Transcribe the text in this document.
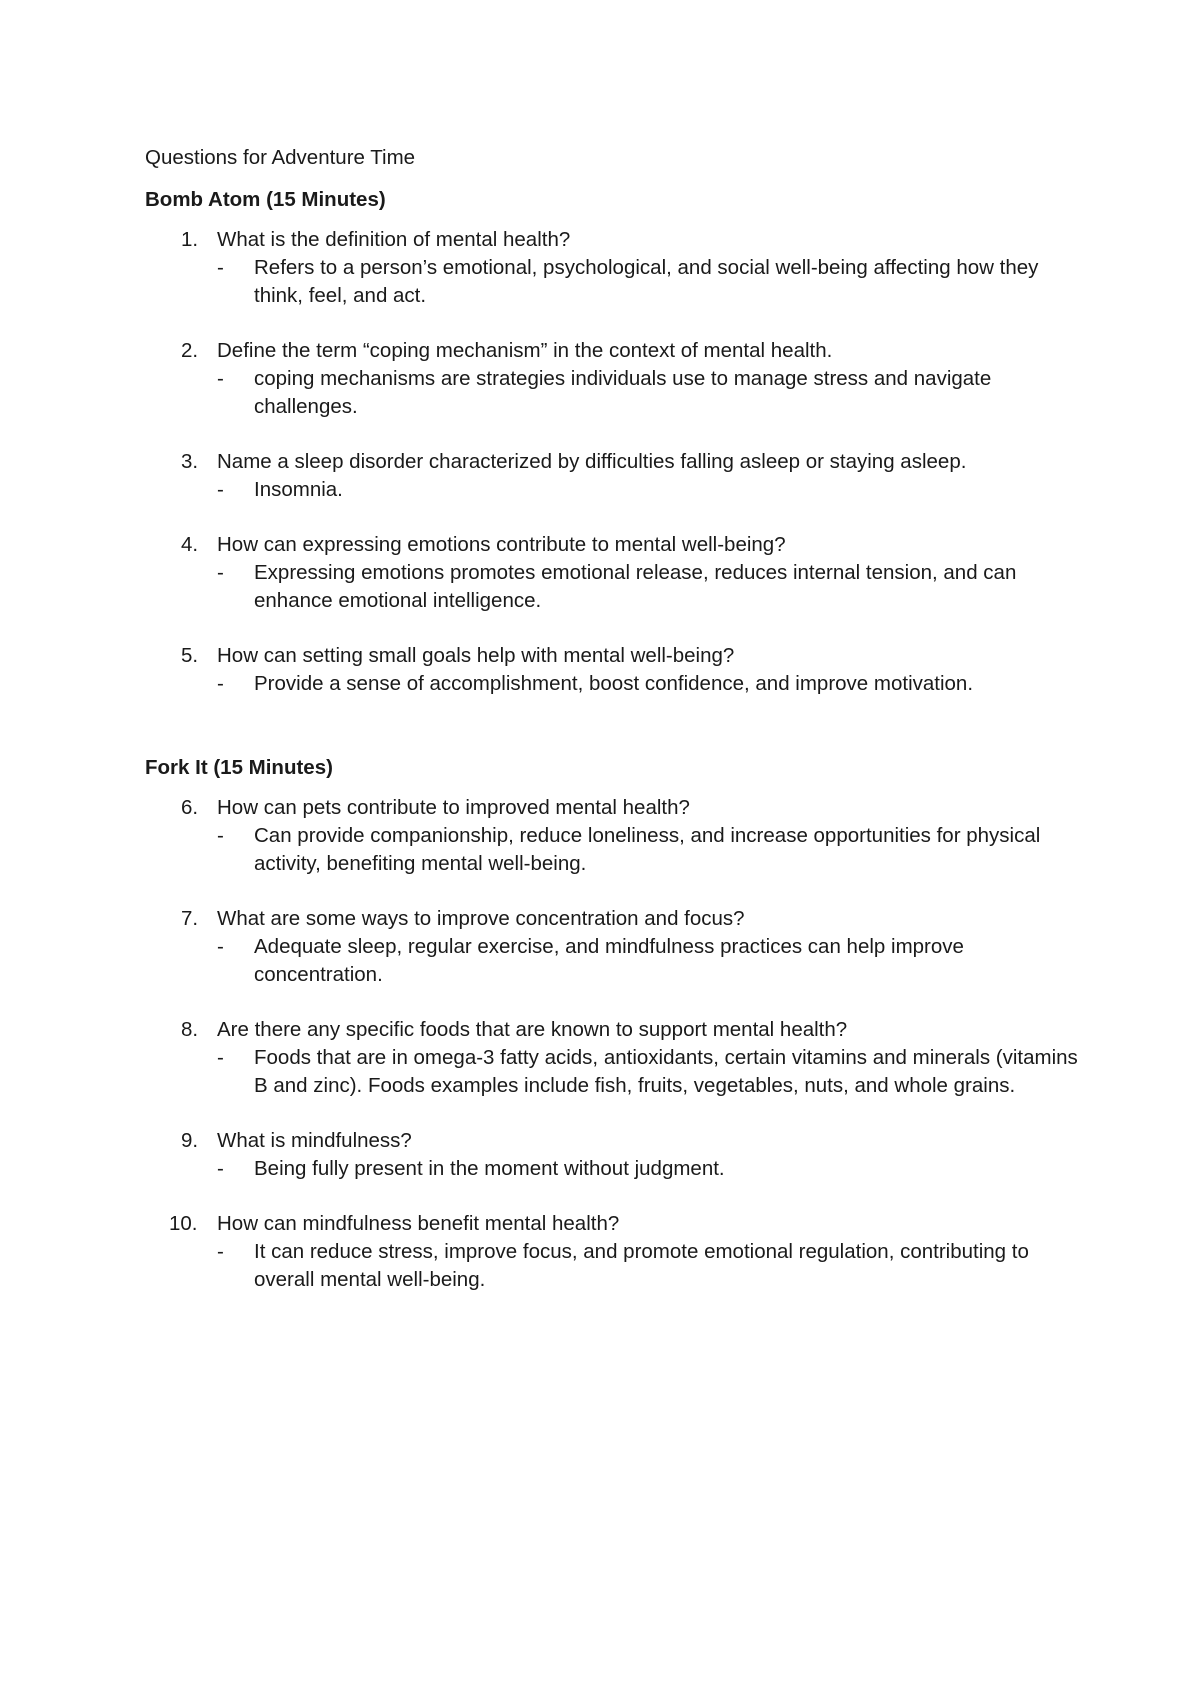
Questions for Adventure Time

Bomb Atom (15 Minutes)

1. What is the definition of mental health?
- Refers to a person’s emotional, psychological, and social well-being affecting how they think, feel, and act.
2. Define the term “coping mechanism” in the context of mental health.
- coping mechanisms are strategies individuals use to manage stress and navigate challenges.
3. Name a sleep disorder characterized by difficulties falling asleep or staying asleep.
- Insomnia.
4. How can expressing emotions contribute to mental well-being?
- Expressing emotions promotes emotional release, reduces internal tension, and can enhance emotional intelligence.
5. How can setting small goals help with mental well-being?
- Provide a sense of accomplishment, boost confidence, and improve motivation.

Fork It (15 Minutes)

6. How can pets contribute to improved mental health?
- Can provide companionship, reduce loneliness, and increase opportunities for physical activity, benefiting mental well-being.
7. What are some ways to improve concentration and focus?
- Adequate sleep, regular exercise, and mindfulness practices can help improve concentration.
8. Are there any specific foods that are known to support mental health?
- Foods that are in omega-3 fatty acids, antioxidants, certain vitamins and minerals (vitamins B and zinc). Foods examples include fish, fruits, vegetables, nuts, and whole grains.
9. What is mindfulness?
- Being fully present in the moment without judgment.
10. How can mindfulness benefit mental health?
- It can reduce stress, improve focus, and promote emotional regulation, contributing to overall mental well-being.
